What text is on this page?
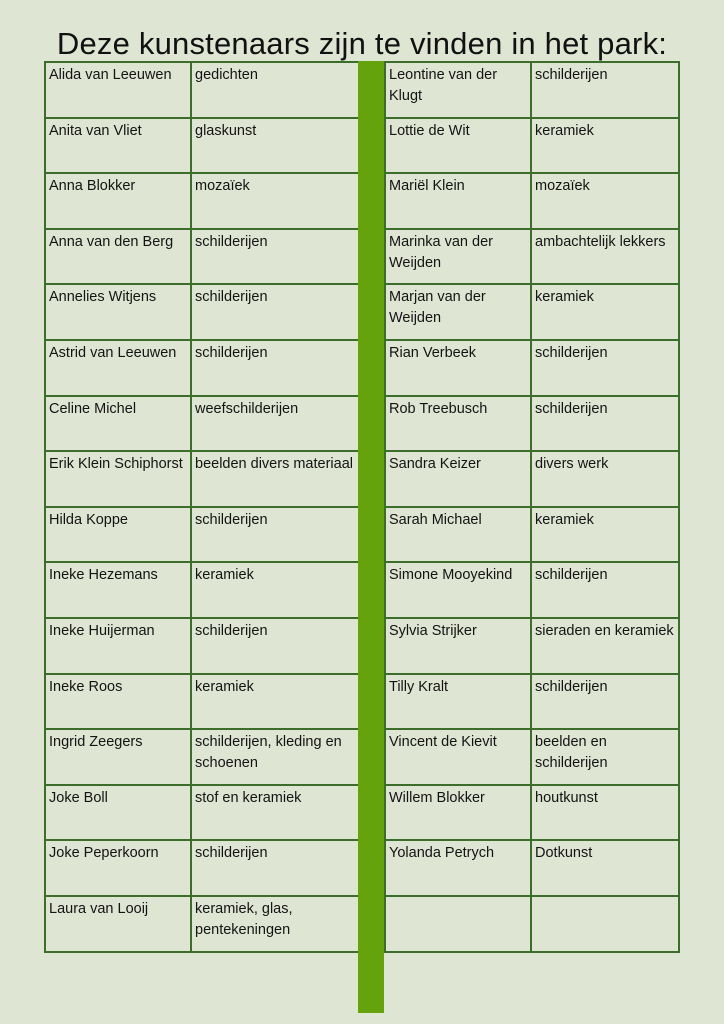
Deze kunstenaars zijn te vinden in het park:
Alida van Leeuwen	gedichten
Anita van Vliet	glaskunst
Anna Blokker	mozaïek
Anna van den Berg	schilderijen
Annelies Witjens	schilderijen
Astrid van Leeuwen	schilderijen
Celine Michel	weefschilderijen
Erik Klein Schiphorst	beelden divers materiaal
Hilda Koppe	schilderijen
Ineke Hezemans	keramiek
Ineke Huijerman	schilderijen
Ineke Roos	keramiek
Ingrid Zeegers	schilderijen, kleding en schoenen
Joke Boll	stof en keramiek
Joke Peperkoorn	schilderijen
Laura van Looij	keramiek, glas, pentekeningen
Leontine van der Klugt	schilderijen
Lottie de Wit	keramiek
Mariël Klein	mozaïek
Marinka van der Weijden	ambachtelijk lekkers
Marjan van der Weijden	keramiek
Rian Verbeek	schilderijen
Rob Treebusch	schilderijen
Sandra Keizer	divers werk
Sarah Michael	keramiek
Simone Mooyekind	schilderijen
Sylvia Strijker	sieraden en keramiek
Tilly Kralt	schilderijen
Vincent de Kievit	beelden en schilderijen
Willem Blokker	houtkunst
Yolanda Petrych	Dotkunst
